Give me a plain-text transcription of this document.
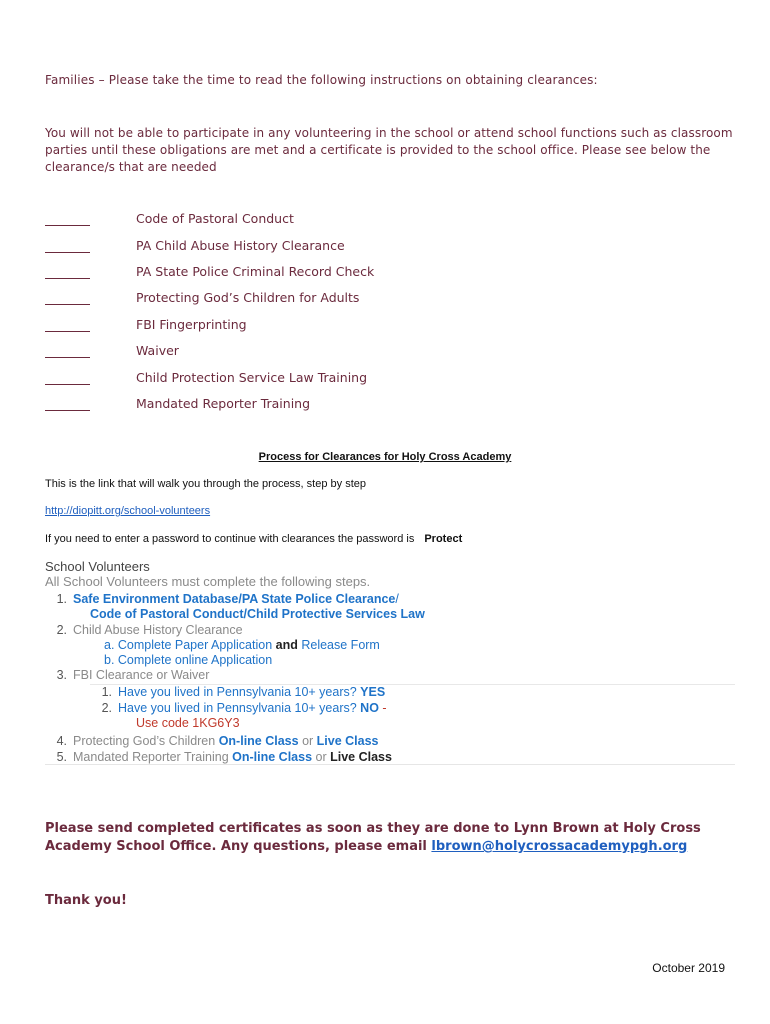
Families – Please take the time to read the following instructions on obtaining clearances:
You will not be able to participate in any volunteering in the school or attend school functions such as classroom parties until these obligations are met and a certificate is provided to the school office. Please see below the clearance/s that are needed
Code of Pastoral Conduct
PA Child Abuse History Clearance
PA State Police Criminal Record Check
Protecting God’s Children for Adults
FBI Fingerprinting
Waiver
Child Protection Service Law Training
Mandated Reporter Training
Process for Clearances for Holy Cross Academy
This is the link that will walk you through the process, step by step
http://diopitt.org/school-volunteers
If you need to enter a password to continue with clearances the password is Protect
School Volunteers
All School Volunteers must complete the following steps.
1. Safe Environment Database/PA State Police Clearance/
Code of Pastoral Conduct/Child Protective Services Law
2. Child Abuse History Clearance
a. Complete Paper Application and Release Form
b. Complete online Application
3. FBI Clearance or Waiver
1. Have you lived in Pennsylvania 10+ years? YES
2. Have you lived in Pennsylvania 10+ years? NO -
Use code 1KG6Y3
4. Protecting God’s Children On-line Class or Live Class
5. Mandated Reporter Training On-line Class or Live Class
Please send completed certificates as soon as they are done to Lynn Brown at Holy Cross Academy School Office. Any questions, please email lbrown@holycrossacademypgh.org
Thank you!
October 2019
